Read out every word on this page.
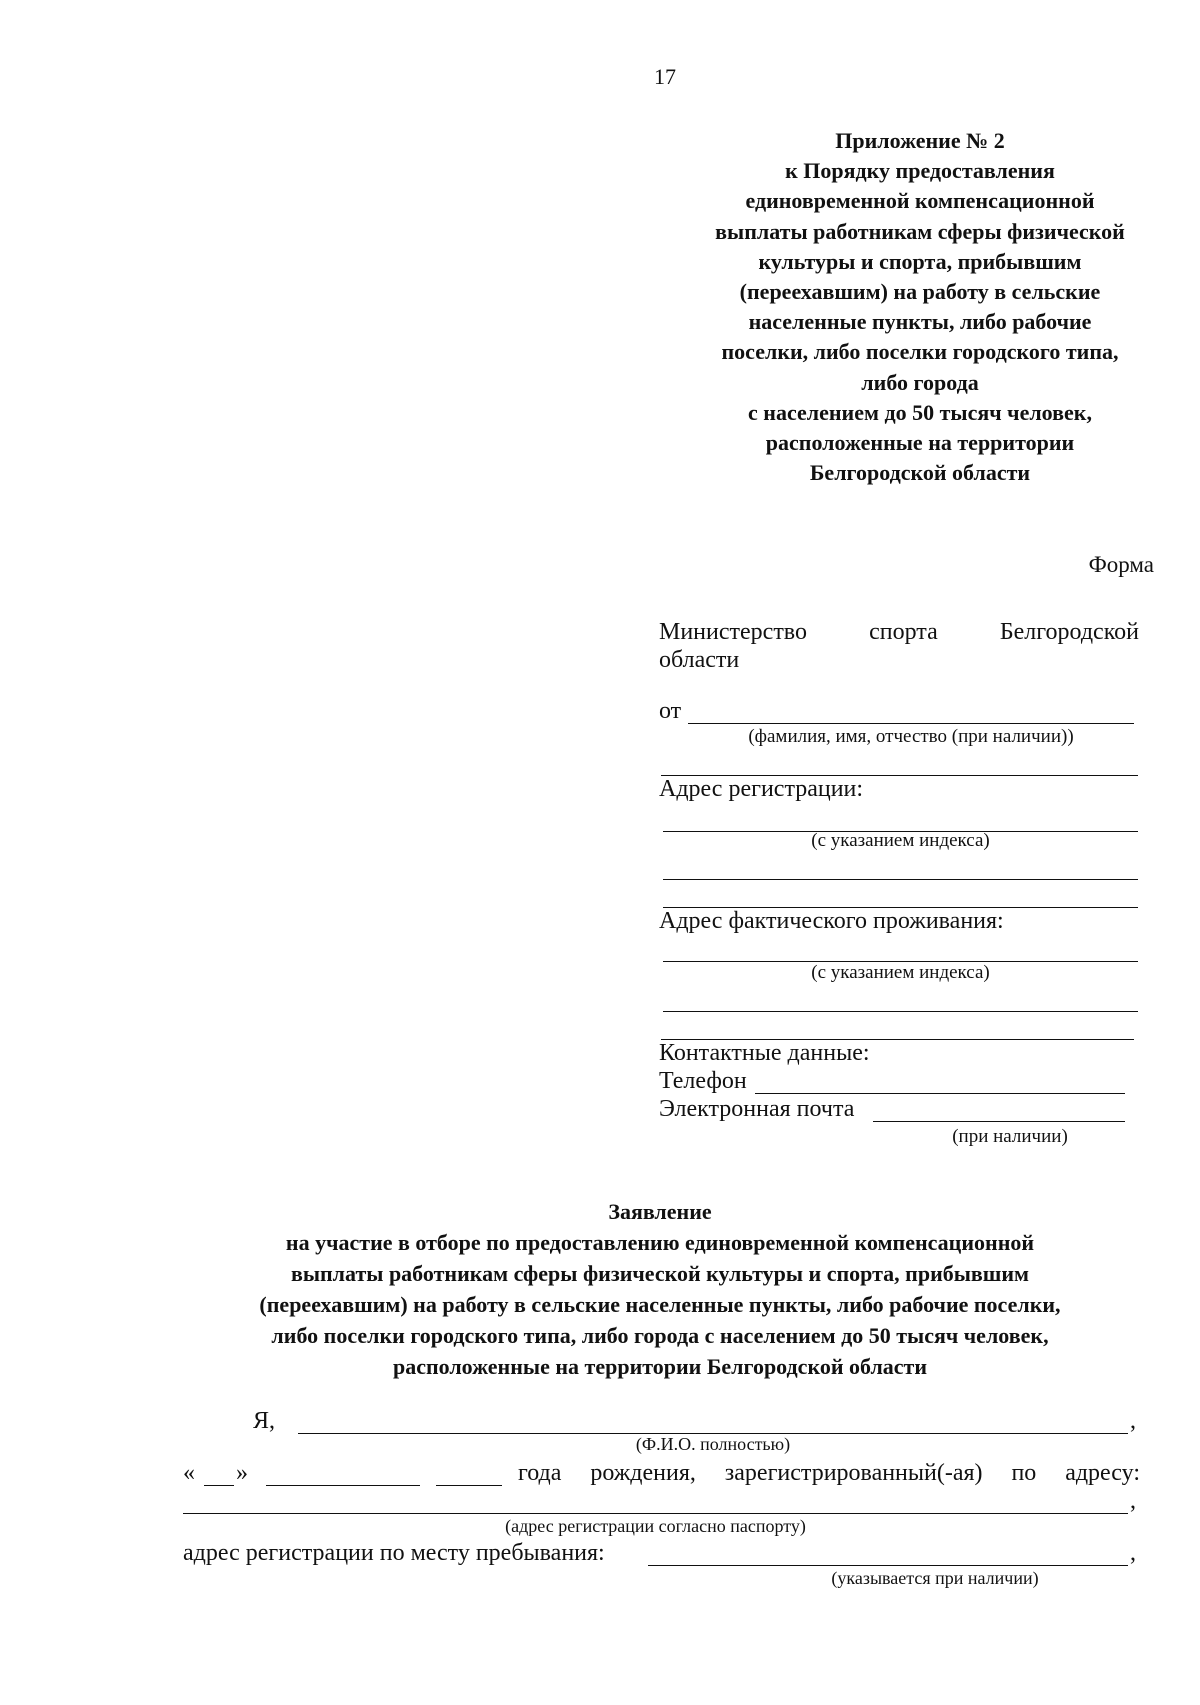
17
Приложение № 2
к Порядку предоставления
единовременной компенсационной
выплаты работникам сферы физической
культуры и спорта, прибывшим
(переехавшим) на работу в сельские
населенные пункты, либо рабочие
поселки, либо поселки городского типа,
либо города
с населением до 50 тысяч человек,
расположенные на территории
Белгородской области
Форма
Министерство	спорта	Белгородской
области
от
(фамилия, имя, отчество (при наличии))
Адрес регистрации:
(с указанием индекса)
Адрес фактического проживания:
(с указанием индекса)
Контактные данные:
Телефон
Электронная почта
(при наличии)
Заявление
на участие в отборе по предоставлению единовременной компенсационной
выплаты работникам сферы физической культуры и спорта, прибывшим
(переехавшим) на работу в сельские населенные пункты, либо рабочие поселки,
либо поселки городского типа, либо города с населением до 50 тысяч человек,
расположенные на территории Белгородской области
Я,	,
(Ф.И.О. полностью)
« »	года рождения, зарегистрированный(-ая) по адресу:
,
(адрес регистрации согласно паспорту)
адрес регистрации по месту пребывания:	,
(указывается при наличии)
